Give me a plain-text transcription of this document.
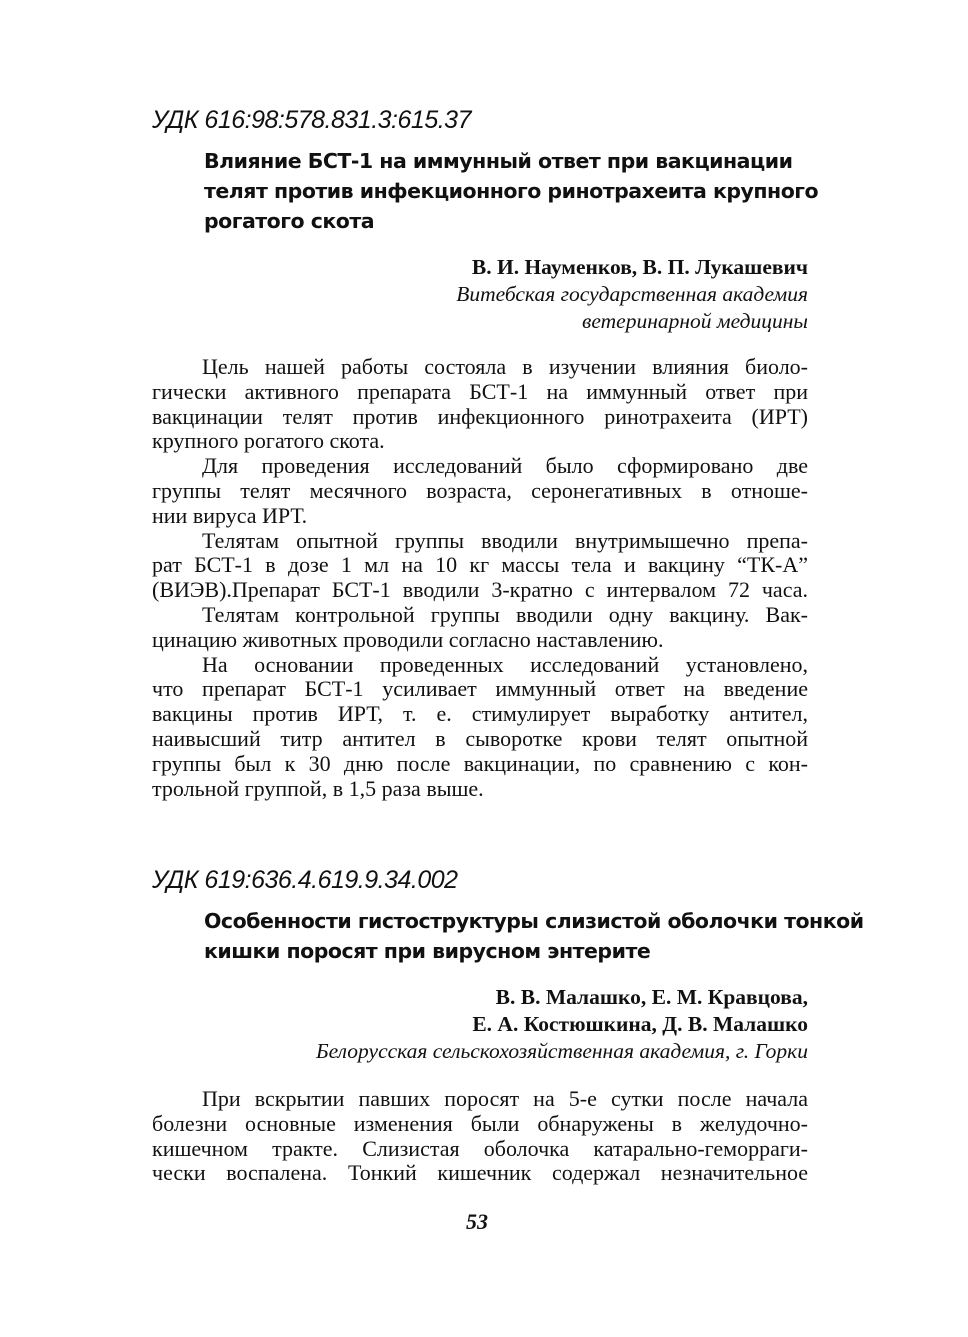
УДК 616:98:578.831.3:615.37
Влияние БСТ-1 на иммунный ответ при вакцинации
телят против инфекционного ринотрахеита крупного
рогатого скота
В. И. Науменков, В. П. Лукашевич
Витебская государственная академия
ветеринарной медицины
Цель нашей работы состояла в изучении влияния биоло-
гически активного препарата БСТ-1 на иммунный ответ при
вакцинации телят против инфекционного ринотрахеита (ИРТ)
крупного рогатого скота.
Для проведения исследований было сформировано две
группы телят месячного возраста, серонегативных в отноше-
нии вируса ИРТ.
Телятам опытной группы вводили внутримышечно препа-
рат БСТ-1 в дозе 1 мл на 10 кг массы тела и вакцину “ТК-А”
(ВИЭВ).Препарат БСТ-1 вводили 3-кратно с интервалом 72 часа.
Телятам контрольной группы вводили одну вакцину. Вак-
цинацию животных проводили согласно наставлению.
На основании проведенных исследований установлено,
что препарат БСТ-1 усиливает иммунный ответ на введение
вакцины против ИРТ, т. е. стимулирует выработку антител,
наивысший титр антител в сыворотке крови телят опытной
группы был к 30 дню после вакцинации, по сравнению с кон-
трольной группой, в 1,5 раза выше.
УДК 619:636.4.619.9.34.002
Особенности гистоструктуры слизистой оболочки тонкой
кишки поросят при вирусном энтерите
В. В. Малашко, Е. М. Кравцова,
Е. А. Костюшкина, Д. В. Малашко
Белорусская сельскохозяйственная академия, г. Горки
При вскрытии павших поросят на 5-е сутки после начала
болезни основные изменения были обнаружены в желудочно-
кишечном тракте. Слизистая оболочка катарально-геморраги-
чески воспалена. Тонкий кишечник содержал незначительное
53
